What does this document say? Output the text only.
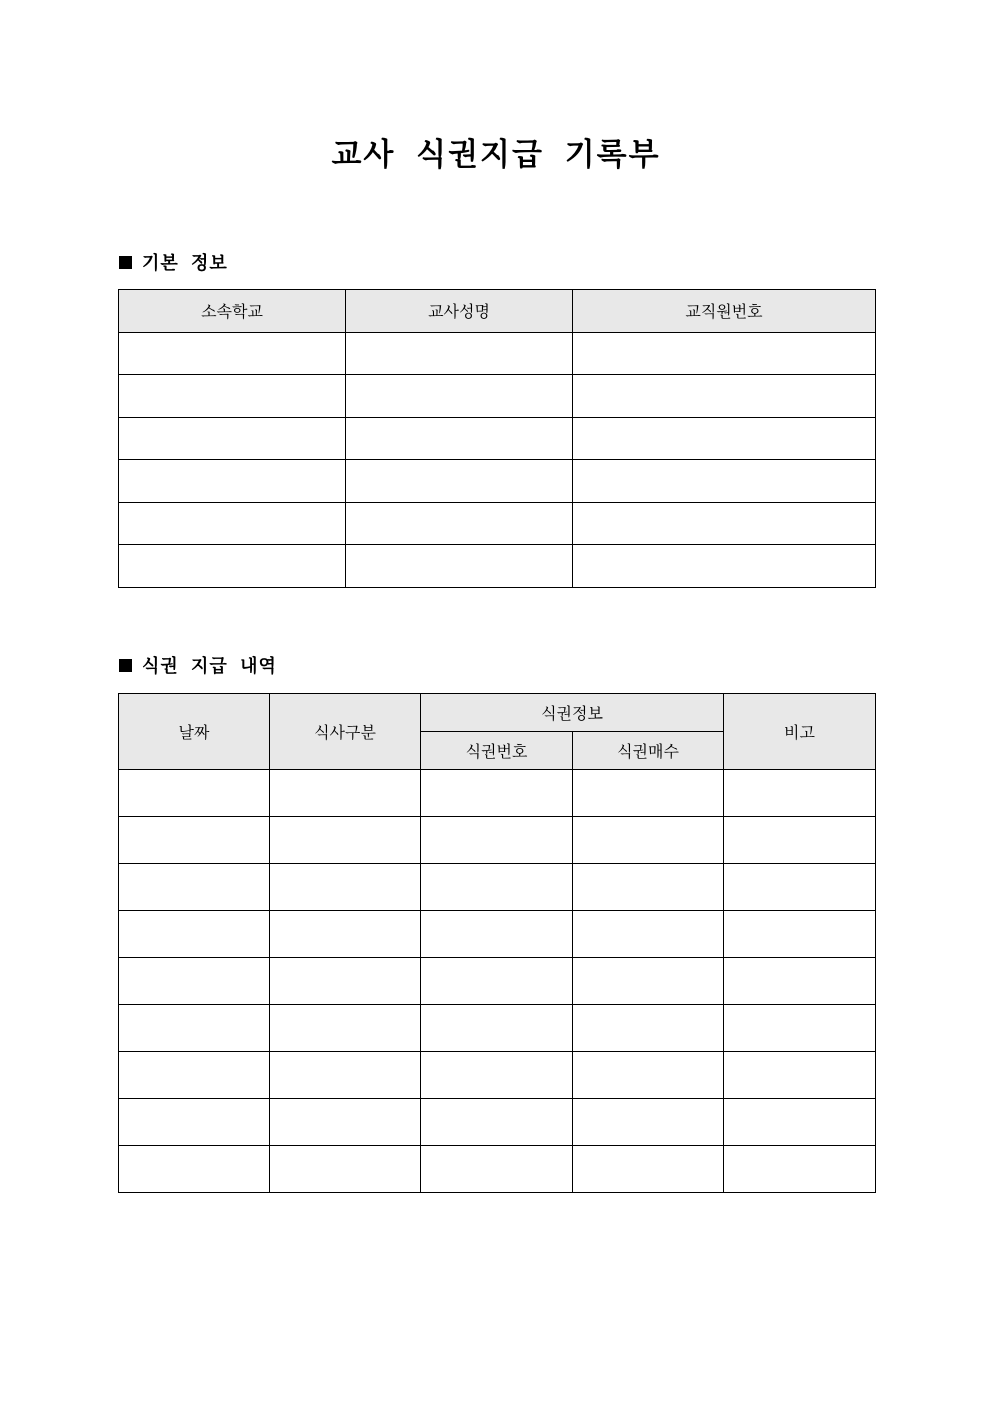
교사 식권지급 기록부
기본 정보
소속학교	교사성명	교직원번호

식권 지급 내역
날짜	식사구분	식권정보		비고
		식권번호	식권매수	
